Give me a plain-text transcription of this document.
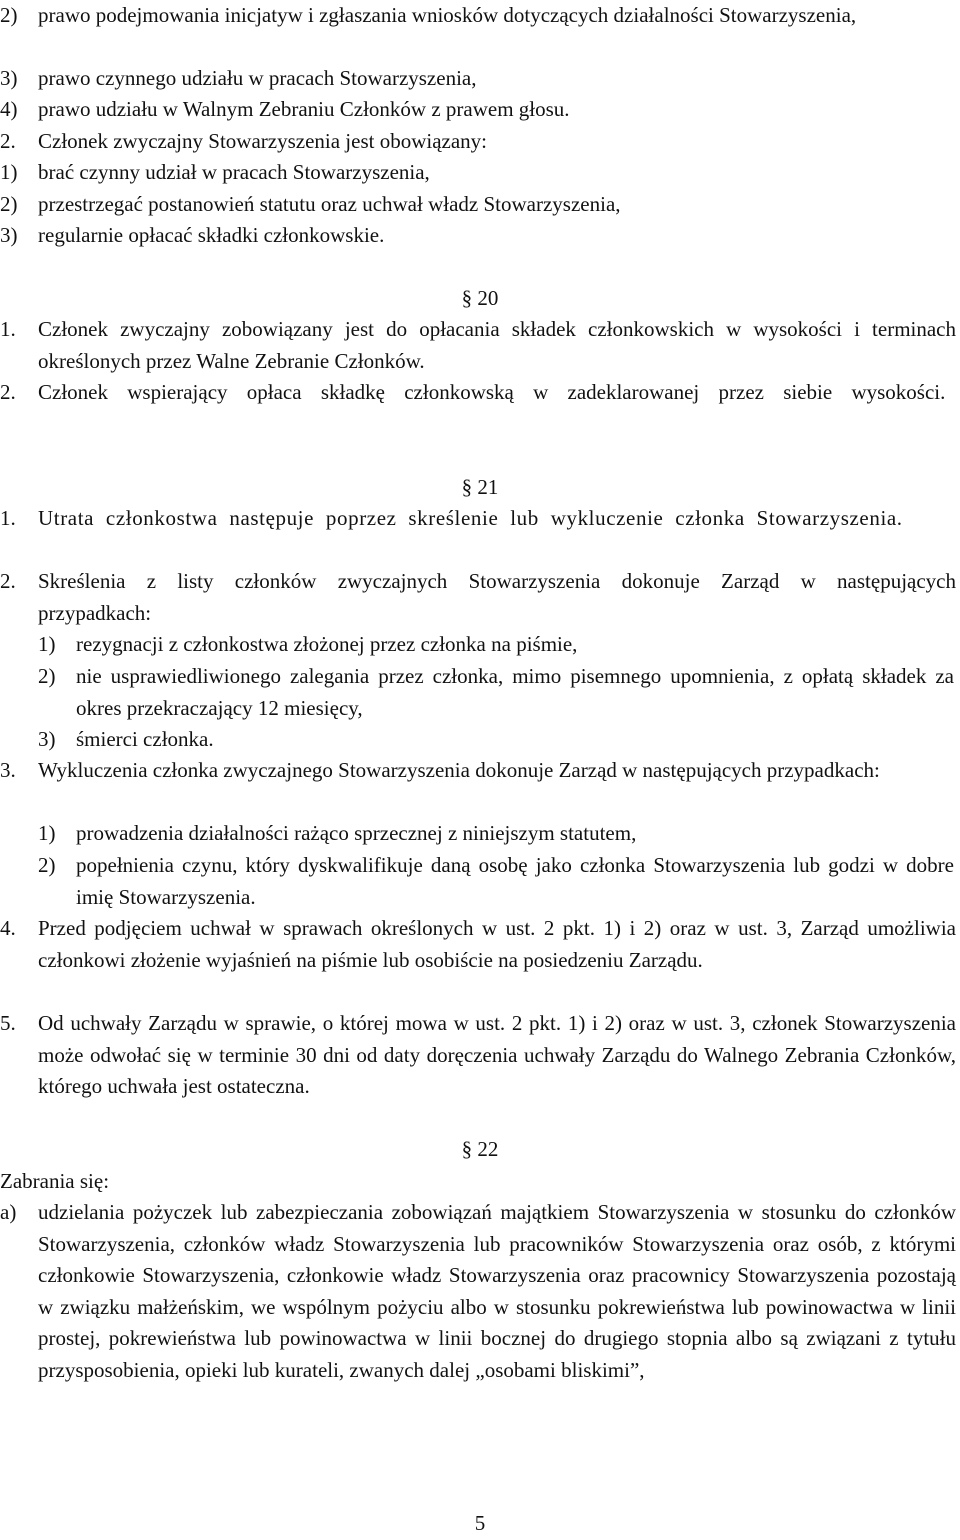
2) prawo podejmowania inicjatyw i zgłaszania wniosków dotyczących działalności Stowarzyszenia,
3) prawo czynnego udziału w pracach Stowarzyszenia,
4) prawo udziału w Walnym Zebraniu Członków z prawem głosu.
2. Członek zwyczajny Stowarzyszenia jest obowiązany:
1) brać czynny udział w pracach Stowarzyszenia,
2) przestrzegać postanowień statutu oraz uchwał władz Stowarzyszenia,
3) regularnie opłacać składki członkowskie.
§ 20
1. Członek zwyczajny zobowiązany jest do opłacania składek członkowskich w wysokości i terminach określonych przez Walne Zebranie Członków.
2. Członek wspierający opłaca składkę członkowską w zadeklarowanej przez siebie wysokości.
§ 21
1. Utrata członkostwa następuje poprzez skreślenie lub wykluczenie członka Stowarzyszenia.
2. Skreślenia z listy członków zwyczajnych Stowarzyszenia dokonuje Zarząd w następujących przypadkach:
1) rezygnacji z członkostwa złożonej przez członka na piśmie,
2) nie usprawiedliwionego zalegania przez członka, mimo pisemnego upomnienia, z opłatą składek za okres przekraczający 12 miesięcy,
3) śmierci członka.
3. Wykluczenia członka zwyczajnego Stowarzyszenia dokonuje Zarząd w następujących przypadkach:
1) prowadzenia działalności rażąco sprzecznej z niniejszym statutem,
2) popełnienia czynu, który dyskwalifikuje daną osobę jako członka Stowarzyszenia lub godzi w dobre imię Stowarzyszenia.
4. Przed podjęciem uchwał w sprawach określonych w ust. 2 pkt. 1) i 2) oraz w ust. 3, Zarząd umożliwia członkowi złożenie wyjaśnień na piśmie lub osobiście na posiedzeniu Zarządu.
5. Od uchwały Zarządu w sprawie, o której mowa w ust. 2 pkt. 1) i 2) oraz w ust. 3, członek Stowarzyszenia może odwołać się w terminie 30 dni od daty doręczenia uchwały Zarządu do Walnego Zebrania Członków, którego uchwała jest ostateczna.
§ 22
Zabrania się:
a) udzielania pożyczek lub zabezpieczania zobowiązań majątkiem Stowarzyszenia w stosunku do członków Stowarzyszenia, członków władz Stowarzyszenia lub pracowników Stowarzyszenia oraz osób, z którymi członkowie Stowarzyszenia, członkowie władz Stowarzyszenia oraz pracownicy Stowarzyszenia pozostają w związku małżeńskim, we wspólnym pożyciu albo w stosunku pokrewieństwa lub powinowactwa w linii prostej, pokrewieństwa lub powinowactwa w linii bocznej do drugiego stopnia albo są związani z tytułu przysposobienia, opieki lub kurateli, zwanych dalej „osobami bliskimi”,
5
